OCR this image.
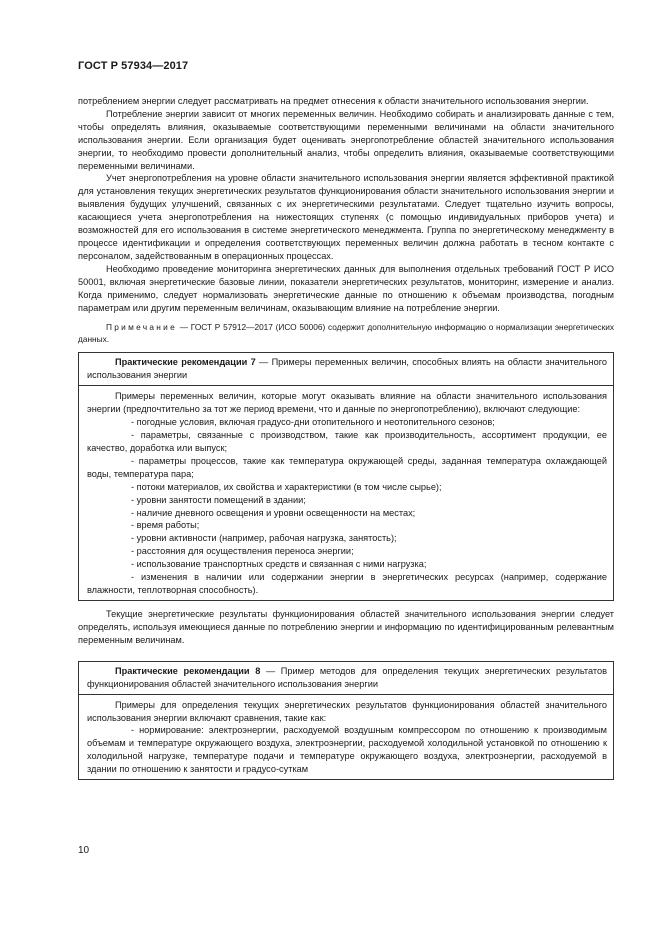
ГОСТ Р 57934—2017

потреблением энергии следует рассматривать на предмет отнесения к области значительного использования энергии.

Потребление энергии зависит от многих переменных величин. Необходимо собирать и анализировать данные с тем, чтобы определять влияния, оказываемые соответствующими переменными величинами на области значительного использования энергии. Если организация будет оценивать энергопотребление областей значительного использования энергии, то необходимо провести дополнительный анализ, чтобы определить влияния, оказываемые соответствующими переменными величинами.

Учет энергопотребления на уровне области значительного использования энергии является эффективной практикой для установления текущих энергетических результатов функционирования области значительного использования энергии и выявления будущих улучшений, связанных с их энергетическими результатами. Следует тщательно изучить вопросы, касающиеся учета энергопотребления на нижестоящих ступенях (с помощью индивидуальных приборов учета) и возможностей для его использования в системе энергетического менеджмента. Группа по энергетическому менеджменту в процессе идентификации и определения соответствующих переменных величин должна работать в тесном контакте с персоналом, задействованным в операционных процессах.

Необходимо проведение мониторинга энергетических данных для выполнения отдельных требований ГОСТ Р ИСО 50001, включая энергетические базовые линии, показатели энергетических результатов, мониторинг, измерение и анализ. Когда применимо, следует нормализовать энергетические данные по отношению к объемам производства, погодным параметрам или другим переменным величинам, оказывающим влияние на потребление энергии.

Примечание — ГОСТ Р 57912—2017 (ИСО 50006) содержит дополнительную информацию о нормализации энергетических данных.

Практические рекомендации 7 — Примеры переменных величин, способных влиять на области значительного использования энергии

Примеры переменных величин, которые могут оказывать влияние на области значительного использования энергии (предпочтительно за тот же период времени, что и данные по энергопотреблению), включают следующие:

- погодные условия, включая градусо-дни отопительного и неотопительного сезонов;

- параметры, связанные с производством, такие как производительность, ассортимент продукции, ее качество, доработка или выпуск;

- параметры процессов, такие как температура окружающей среды, заданная температура охлаждающей воды, температура пара;

- потоки материалов, их свойства и характеристики (в том числе сырье);

- уровни занятости помещений в здании;

- наличие дневного освещения и уровни освещенности на местах;

- время работы;

- уровни активности (например, рабочая нагрузка, занятость);

- расстояния для осуществления переноса энергии;

- использование транспортных средств и связанная с ними нагрузка;

- изменения в наличии или содержании энергии в энергетических ресурсах (например, содержание влажности, теплотворная способность).

Текущие энергетические результаты функционирования областей значительного использования энергии следует определять, используя имеющиеся данные по потреблению энергии и информацию по идентифицированным релевантным переменным величинам.

Практические рекомендации 8 — Пример методов для определения текущих энергетических результатов функционирования областей значительного использования энергии

Примеры для определения текущих энергетических результатов функционирования областей значительного использования энергии включают сравнения, такие как:

- нормирование: электроэнергии, расходуемой воздушным компрессором по отношению к производимым объемам и температуре окружающего воздуха, электроэнергии, расходуемой холодильной установкой по отношению к холодильной нагрузке, температуре подачи и температуре окружающего воздуха, электроэнергии, расходуемой в здании по отношению к занятости и градусо-суткам

10
